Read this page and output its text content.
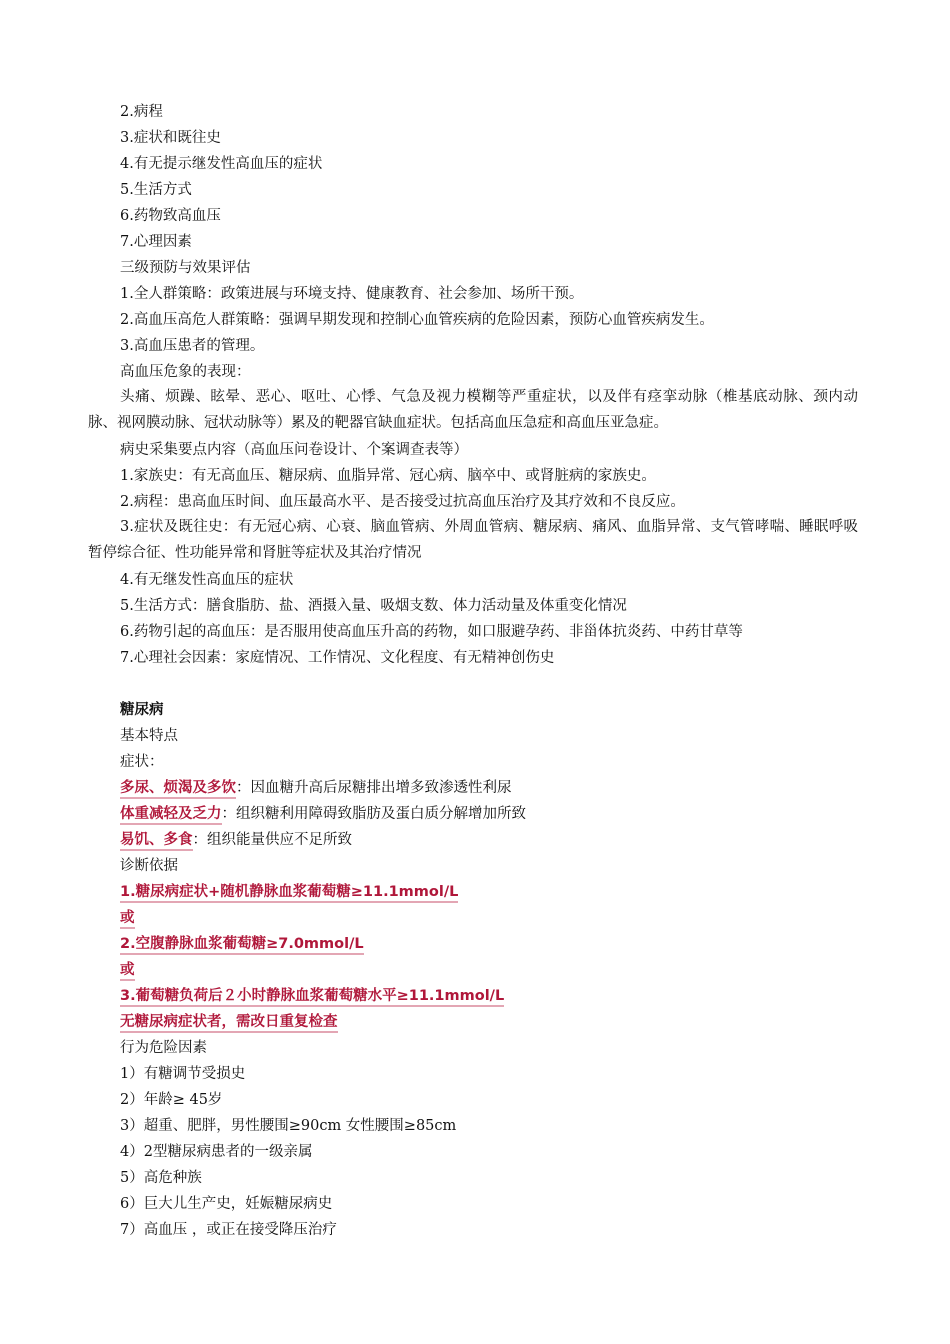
2.病程
3.症状和既往史
4.有无提示继发性高血压的症状
5.生活方式
6.药物致高血压
7.心理因素
三级预防与效果评估
1.全人群策略：政策进展与环境支持、健康教育、社会参加、场所干预。
2.高血压高危人群策略：强调早期发现和控制心血管疾病的危险因素，预防心血管疾病发生。
3.高血压患者的管理。
高血压危象的表现：
头痛、烦躁、眩晕、恶心、呕吐、心悸、气急及视力模糊等严重症状，以及伴有痉挛动脉（椎基底动脉、颈内动脉、视网膜动脉、冠状动脉等）累及的靶器官缺血症状。包括高血压急症和高血压亚急症。
病史采集要点内容（高血压问卷设计、个案调查表等）
1.家族史：有无高血压、糖尿病、血脂异常、冠心病、脑卒中、或肾脏病的家族史。
2.病程：患高血压时间、血压最高水平、是否接受过抗高血压治疗及其疗效和不良反应。
3.症状及既往史：有无冠心病、心衰、脑血管病、外周血管病、糖尿病、痛风、血脂异常、支气管哮喘、睡眠呼吸暂停综合征、性功能异常和肾脏等症状及其治疗情况
4.有无继发性高血压的症状
5.生活方式：膳食脂肪、盐、酒摄入量、吸烟支数、体力活动量及体重变化情况
6.药物引起的高血压：是否服用使高血压升高的药物，如口服避孕药、非甾体抗炎药、中药甘草等
7.心理社会因素：家庭情况、工作情况、文化程度、有无精神创伤史
糖尿病
基本特点
症状：
多尿、烦渴及多饮：因血糖升高后尿糖排出增多致渗透性利尿
体重减轻及乏力：组织糖利用障碍致脂肪及蛋白质分解增加所致
易饥、多食：组织能量供应不足所致
诊断依据
1.糖尿病症状+随机静脉血浆葡萄糖≥11.1mmol/L
或
2.空腹静脉血浆葡萄糖≥7.0mmol/L
或
3.葡萄糖负荷后２小时静脉血浆葡萄糖水平≥11.1mmol/L
无糖尿病症状者，需改日重复检查
行为危险因素
1）有糖调节受损史
2）年龄≥ 45岁
3）超重、肥胖，男性腰围≥90cm 女性腰围≥85cm
4）2型糖尿病患者的一级亲属
5）高危种族
6）巨大儿生产史，妊娠糖尿病史
7）高血压 ，或正在接受降压治疗
